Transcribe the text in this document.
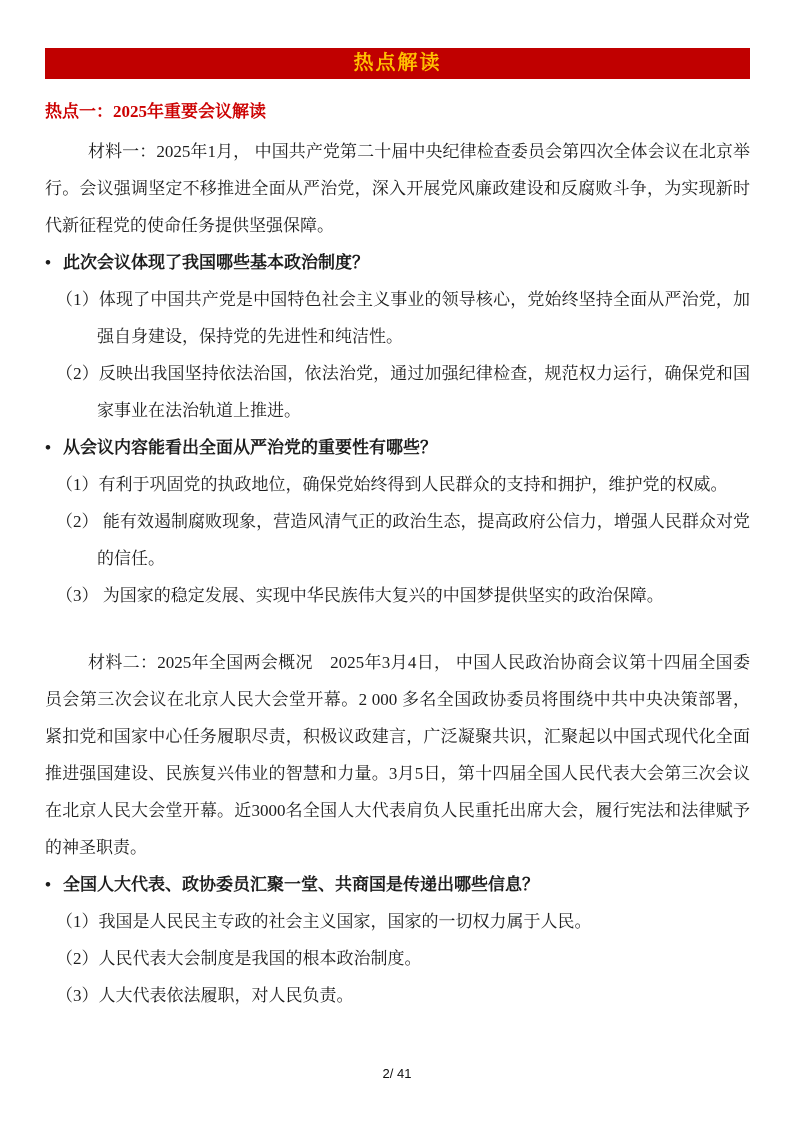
热点解读
热点一：2025年重要会议解读

材料一：2025年1月， 中国共产党第二十届中央纪律检查委员会第四次全体会议在北京举行。会议强调坚定不移推进全面从严治党，深入开展党风廉政建设和反腐败斗争，为实现新时代新征程党的使命任务提供坚强保障。

• 此次会议体现了我国哪些基本政治制度？
（1）体现了中国共产党是中国特色社会主义事业的领导核心，党始终坚持全面从严治党，加强自身建设，保持党的先进性和纯洁性。
（2）反映出我国坚持依法治国，依法治党，通过加强纪律检查，规范权力运行，确保党和国家事业在法治轨道上推进。
• 从会议内容能看出全面从严治党的重要性有哪些？
（1）有利于巩固党的执政地位，确保党始终得到人民群众的支持和拥护，维护党的权威。
（2） 能有效遏制腐败现象，营造风清气正的政治生态，提高政府公信力，增强人民群众对党的信任。
（3） 为国家的稳定发展、实现中华民族伟大复兴的中国梦提供坚实的政治保障。

材料二：2025年全国两会概况　2025年3月4日， 中国人民政治协商会议第十四届全国委员会第三次会议在北京人民大会堂开幕。2 000 多名全国政协委员将围绕中共中央决策部署，紧扣党和国家中心任务履职尽责，积极议政建言，广泛凝聚共识，汇聚起以中国式现代化全面推进强国建设、民族复兴伟业的智慧和力量。3月5日，第十四届全国人民代表大会第三次会议在北京人民大会堂开幕。近3000名全国人大代表肩负人民重托出席大会，履行宪法和法律赋予的神圣职责。

• 全国人大代表、政协委员汇聚一堂、共商国是传递出哪些信息？
（1）我国是人民民主专政的社会主义国家，国家的一切权力属于人民。
（2）人民代表大会制度是我国的根本政治制度。
（3）人大代表依法履职，对人民负责。
2/ 41
